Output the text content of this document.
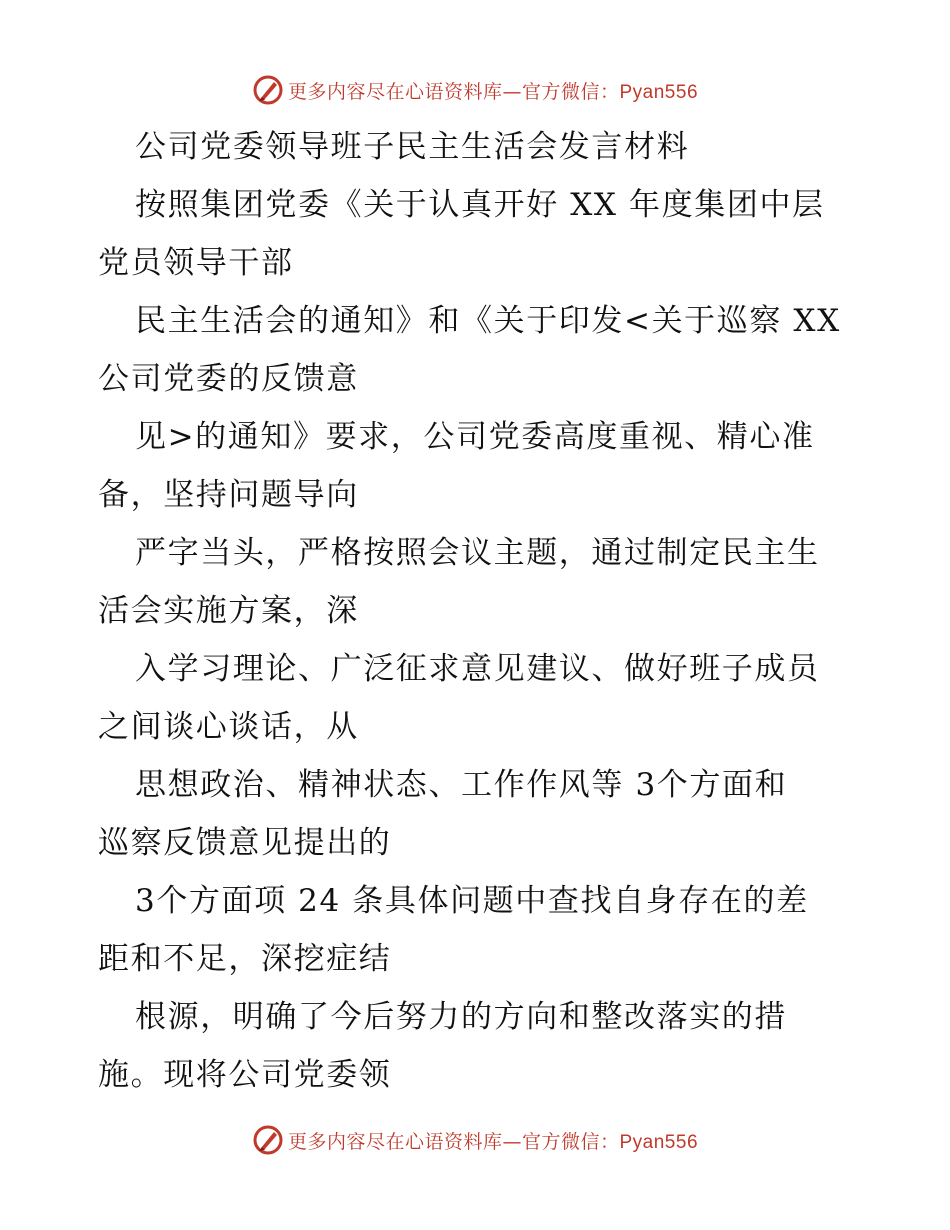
更多内容尽在心语资料库—官方微信：Pyan556

公司党委领导班子民主生活会发言材料

按照集团党委《关于认真开好 XX 年度集团中层

党员领导干部

民主生活会的通知》和《关于印发<关于巡察 XX

公司党委的反馈意

见>的通知》要求，公司党委高度重视、精心准

备，坚持问题导向

严字当头，严格按照会议主题，通过制定民主生

活会实施方案，深

入学习理论、广泛征求意见建议、做好班子成员

之间谈心谈话，从

思想政治、精神状态、工作作风等 3个方面和

巡察反馈意见提出的

3个方面项 24 条具体问题中查找自身存在的差

距和不足，深挖症结

根源，明确了今后努力的方向和整改落实的措

施。现将公司党委领

更多内容尽在心语资料库—官方微信：Pyan556
